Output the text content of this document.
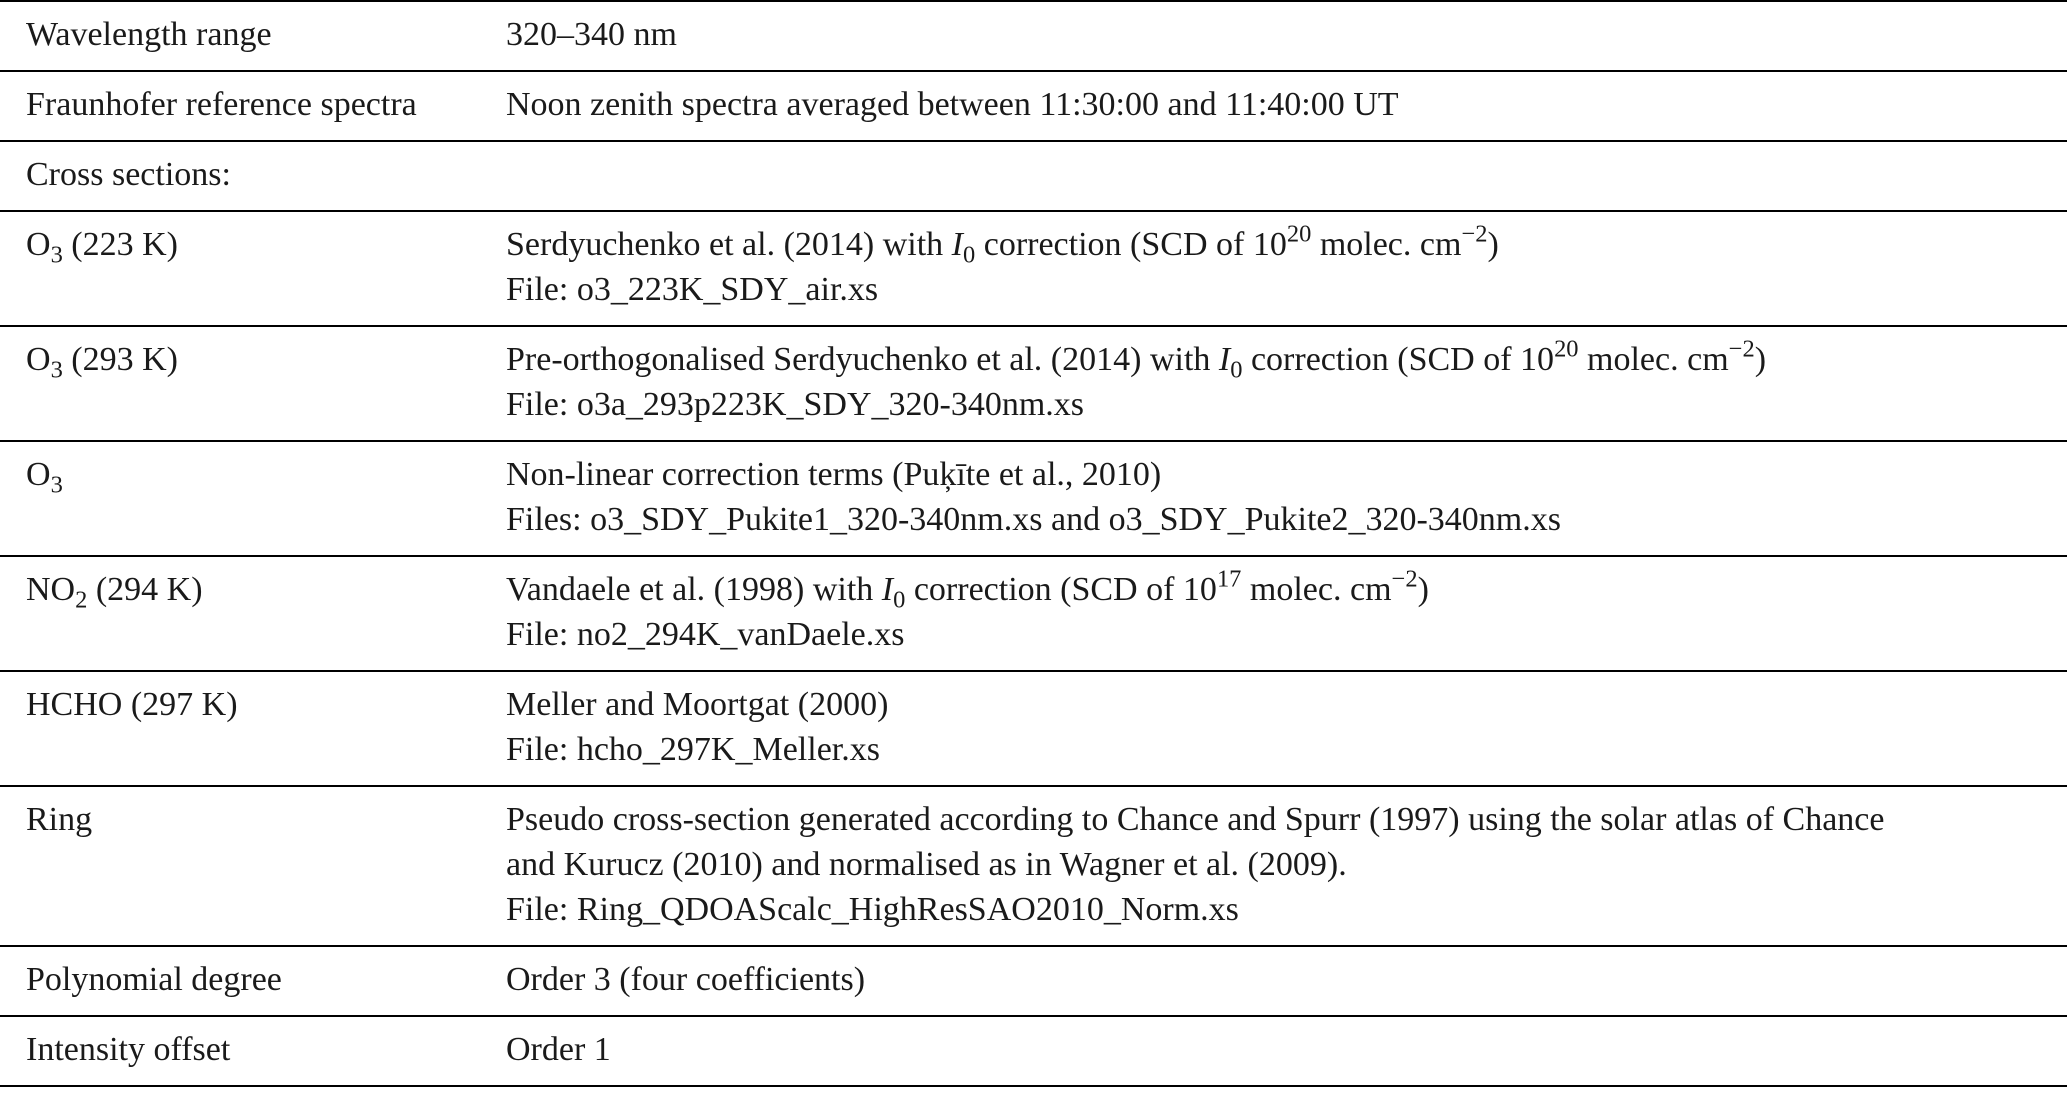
Wavelength range	320–340 nm
Fraunhofer reference spectra	Noon zenith spectra averaged between 11:30:00 and 11:40:00 UT
Cross sections:	
$O_3$ (223 K)	Serdyuchenko et al. (2014) with $I_0$ correction (SCD of $10^{20}$ molec. $cm^{-2}$)
File: o3_223K_SDY_air.xs

$O_3$ (293 K)	Pre-orthogonalised Serdyuchenko et al. (2014) with $I_0$ correction (SCD of $10^{20}$ molec. $cm^{-2}$)
File: o3a_293p223K_SDY_320-340nm.xs

$O_3$	Non-linear correction terms (Puķīte et al., 2010)
Files: o3_SDY_Pukite1_320-340nm.xs and o3_SDY_Pukite2_320-340nm.xs

$NO_2$ (294 K)	Vandaele et al. (1998) with $I_0$ correction (SCD of $10^{17}$ molec. $cm^{-2}$)
File: no2_294K_vanDaele.xs

HCHO (297 K)	Meller and Moortgat (2000)
File: hcho_297K_Meller.xs

Ring	Pseudo cross-section generated according to Chance and Spurr (1997) using the solar atlas of Chance
and Kurucz (2010) and normalised as in Wagner et al. (2009).
File: Ring_QDOAScalc_HighResSAO2010_Norm.xs

Polynomial degree	Order 3 (four coefficients)
Intensity offset	Order 1
